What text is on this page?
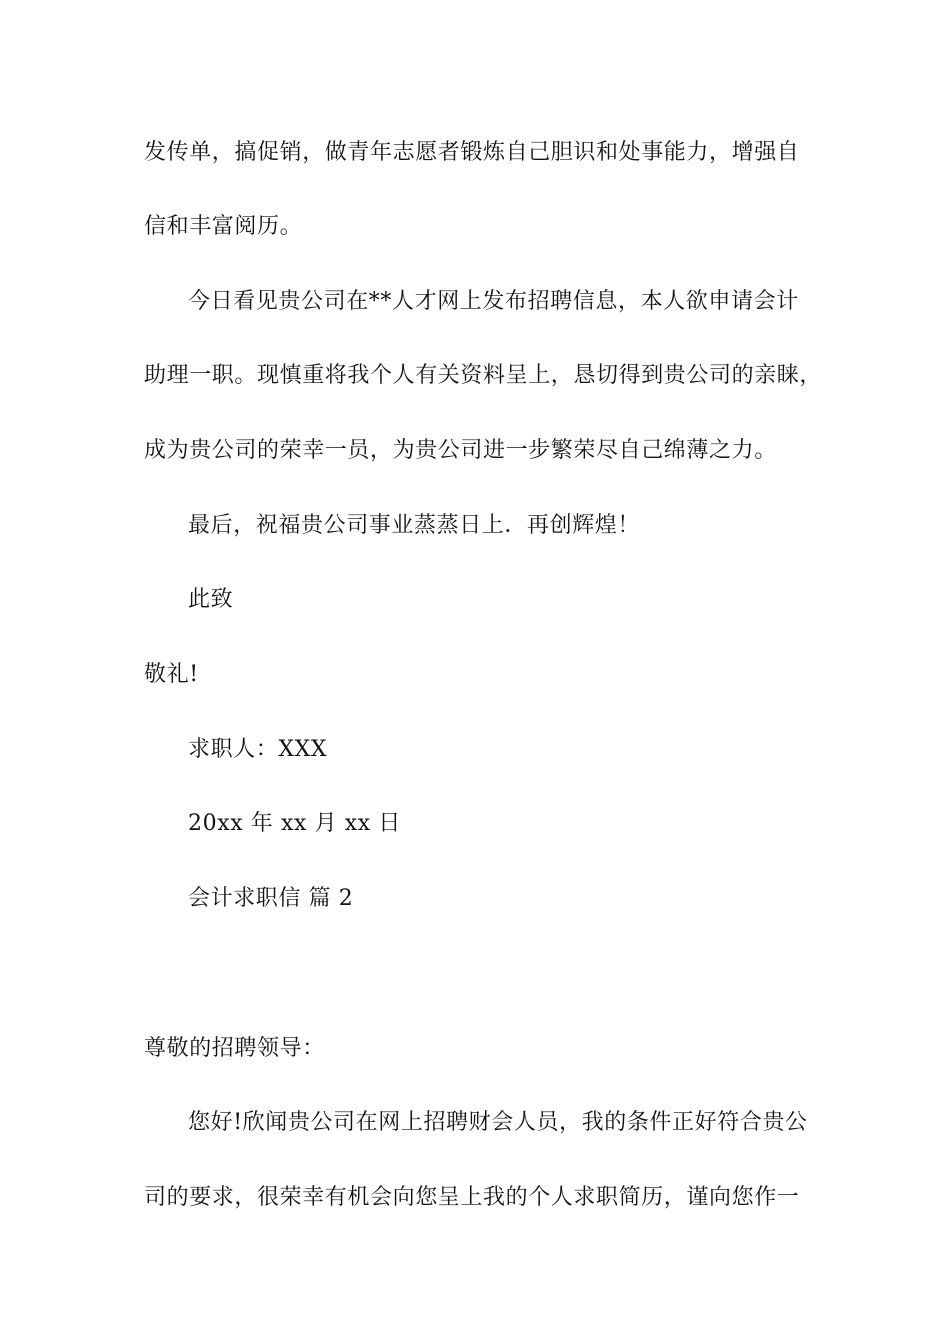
发传单，搞促销，做青年志愿者锻炼自己胆识和处事能力，增强自
信和丰富阅历。
今日看见贵公司在**人才网上发布招聘信息，本人欲申请会计
助理一职。现慎重将我个人有关资料呈上，恳切得到贵公司的亲睐，
成为贵公司的荣幸一员，为贵公司进一步繁荣尽自己绵薄之力。
最后，祝福贵公司事业蒸蒸日上．再创辉煌！
此致
敬礼!
求职人：XXX
20xx 年 xx 月 xx 日
会计求职信 篇 2
尊敬的招聘领导：
您好!欣闻贵公司在网上招聘财会人员，我的条件正好符合贵公
司的要求，很荣幸有机会向您呈上我的个人求职简历，谨向您作一
